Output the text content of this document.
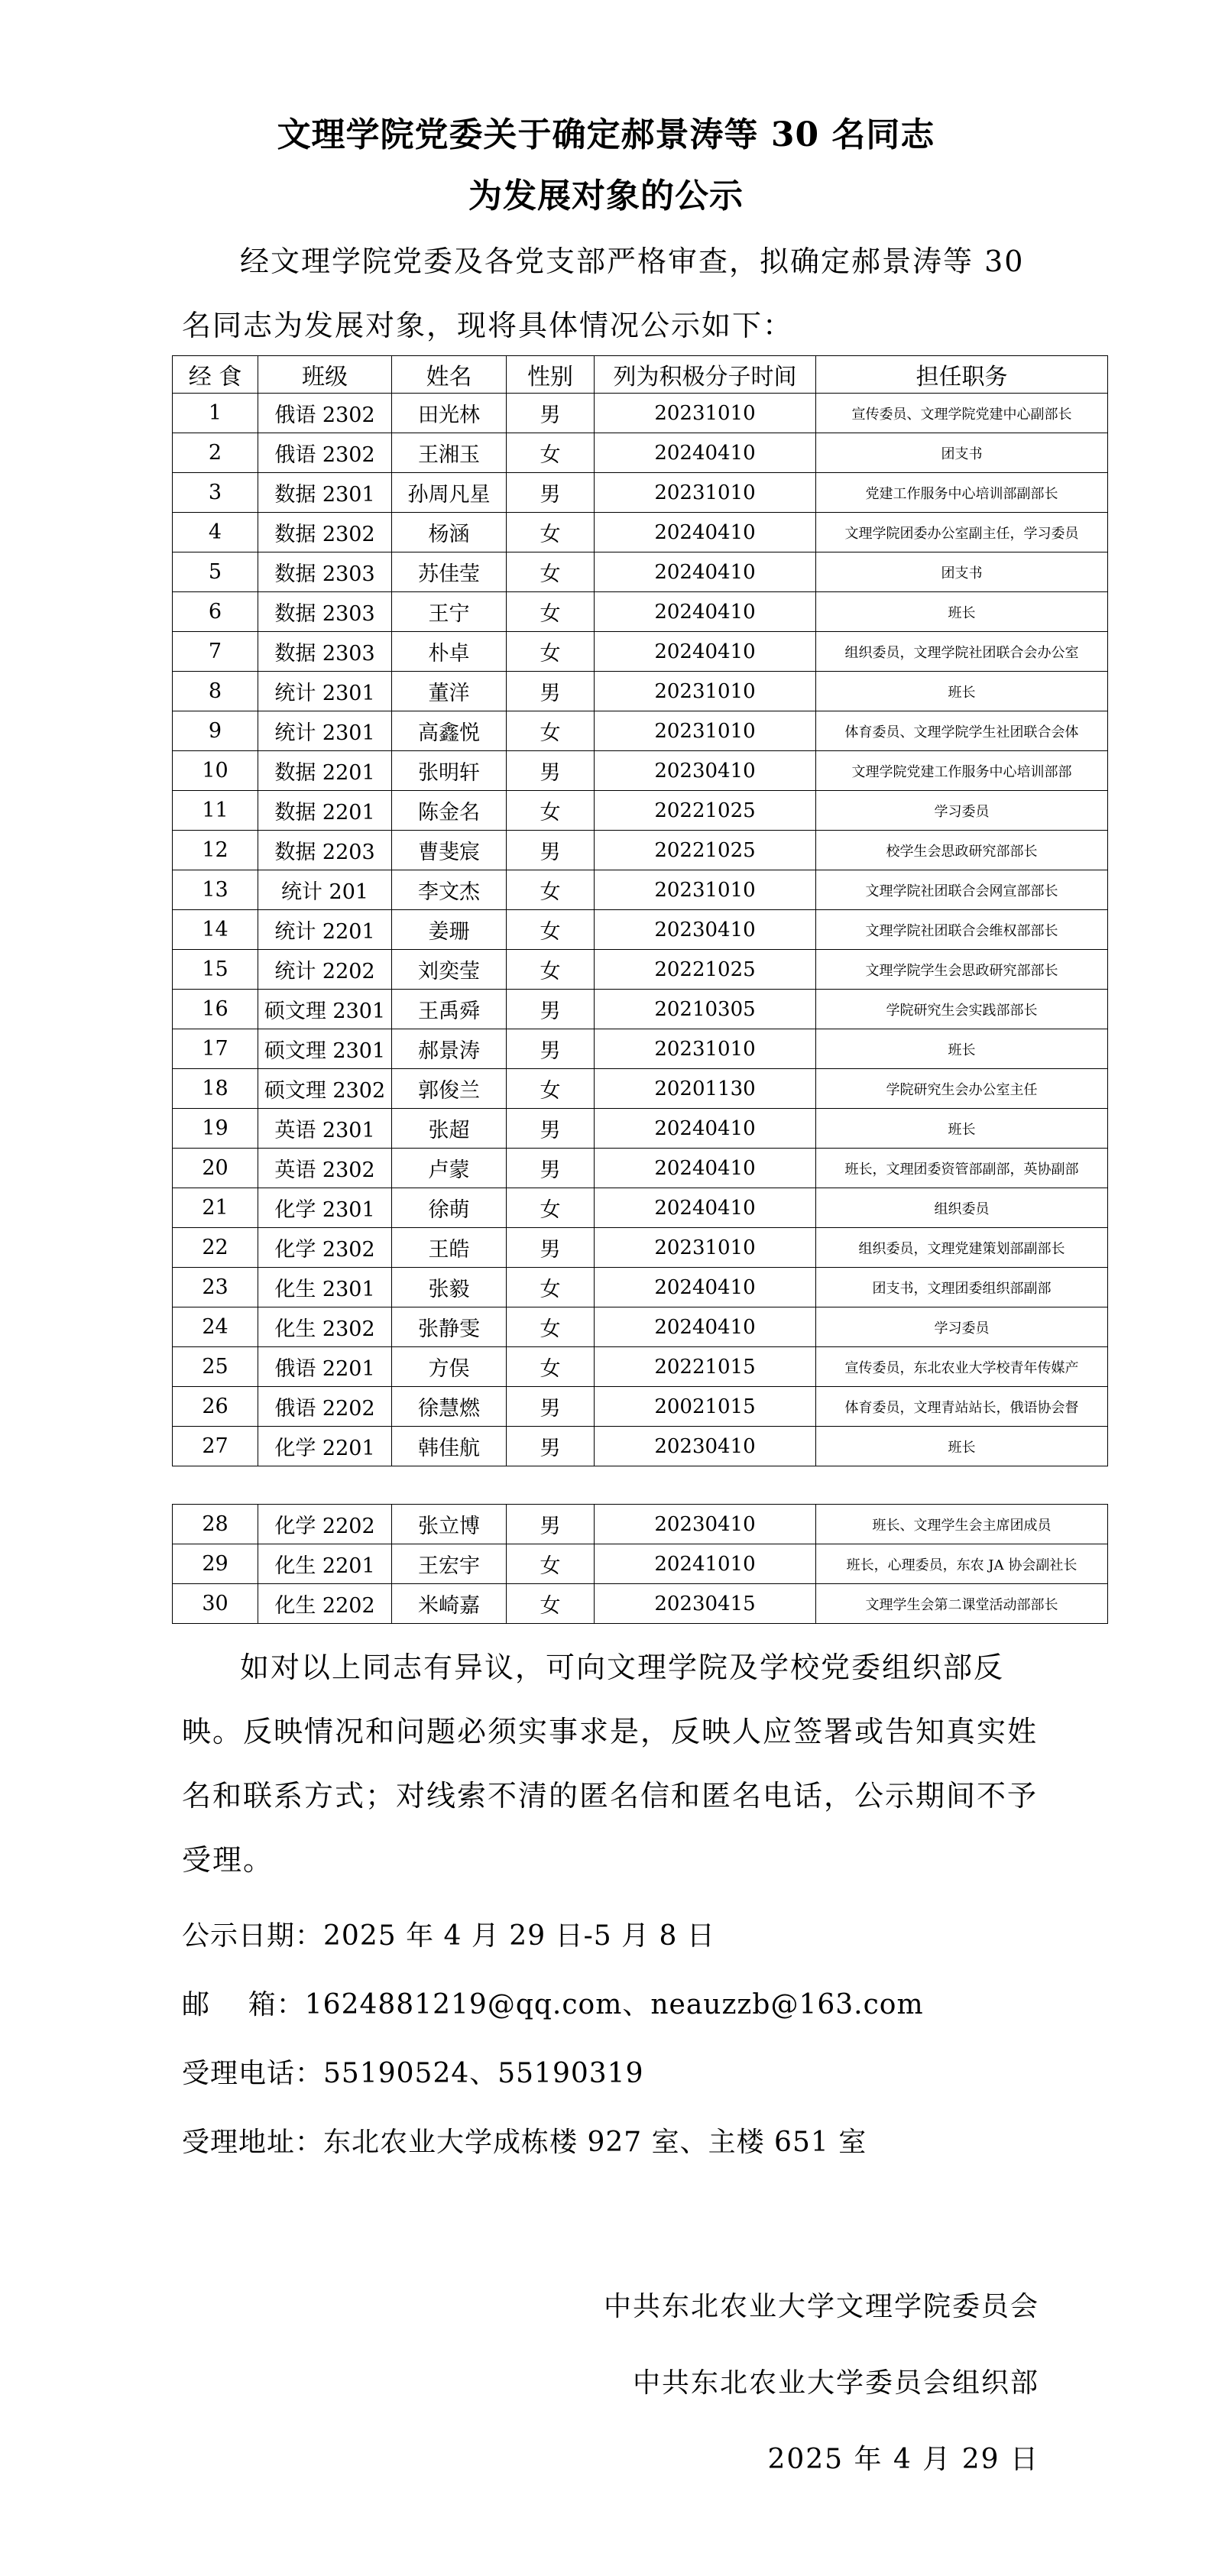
文理学院党委关于确定郝景涛等 30 名同志
为发展对象的公示
经文理学院党委及各党支部严格审查，拟确定郝景涛等 30 名同志为发展对象，现将具体情况公示如下：
经 食	班级	姓名	性别	列为积极分子时间	担任职务
1	俄语 2302	田光林	男	20231010	宣传委员、文理学院党建中心副部长
2	俄语 2302	王湘玉	女	20240410	团支书
3	数据 2301	孙周凡星	男	20231010	党建工作服务中心培训部副部长
4	数据 2302	杨涵	女	20240410	文理学院团委办公室副主任，学习委员
5	数据 2303	苏佳莹	女	20240410	团支书
6	数据 2303	王宁	女	20240410	班长
7	数据 2303	朴卓	女	20240410	组织委员，文理学院社团联合会办公室
8	统计 2301	董洋	男	20231010	班长
9	统计 2301	高鑫悦	女	20231010	体育委员、文理学院学生社团联合会体
10	数据 2201	张明轩	男	20230410	文理学院党建工作服务中心培训部部
11	数据 2201	陈金名	女	20221025	学习委员
12	数据 2203	曹斐宸	男	20221025	校学生会思政研究部部长
13	统计 201	李文杰	女	20231010	文理学院社团联合会网宣部部长
14	统计 2201	姜珊	女	20230410	文理学院社团联合会维权部部长
15	统计 2202	刘奕莹	女	20221025	文理学院学生会思政研究部部长
16	硕文理 2301	王禹舜	男	20210305	学院研究生会实践部部长
17	硕文理 2301	郝景涛	男	20231010	班长
18	硕文理 2302	郭俊兰	女	20201130	学院研究生会办公室主任
19	英语 2301	张超	男	20240410	班长
20	英语 2302	卢蒙	男	20240410	班长，文理团委资管部副部，英协副部
21	化学 2301	徐萌	女	20240410	组织委员
22	化学 2302	王皓	男	20231010	组织委员，文理党建策划部副部长
23	化生 2301	张毅	女	20240410	团支书，文理团委组织部副部
24	化生 2302	张静雯	女	20240410	学习委员
25	俄语 2201	方俣	女	20221015	宣传委员，东北农业大学校青年传媒产
26	俄语 2202	徐慧燃	男	20021015	体育委员，文理青站站长，俄语协会督
27	化学 2201	韩佳航	男	20230410	班长
28	化学 2202	张立博	男	20230410	班长、文理学生会主席团成员
29	化生 2201	王宏宇	女	20241010	班长，心理委员，东农 JA 协会副社长
30	化生 2202	米崎嘉	女	20230415	文理学生会第二课堂活动部部长
如对以上同志有异议，可向文理学院及学校党委组织部反映。反映情况和问题必须实事求是，反映人应签署或告知真实姓名和联系方式；对线索不清的匿名信和匿名电话，公示期间不予受理。
公示日期：2025 年 4 月 29 日-5 月 8 日
邮    箱：1624881219@qq.com、neauzzb@163.com
受理电话：55190524、55190319
受理地址：东北农业大学成栋楼 927 室、主楼 651 室
中共东北农业大学文理学院委员会
中共东北农业大学委员会组织部
2025 年 4 月 29 日
